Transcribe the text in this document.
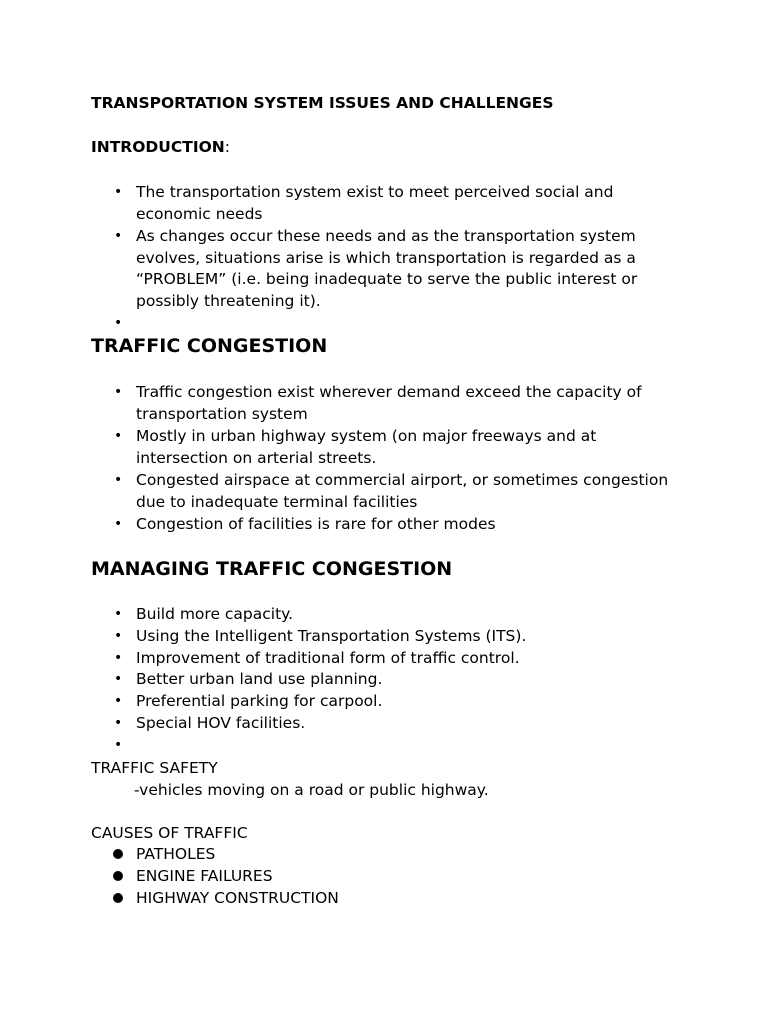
TRANSPORTATION SYSTEM ISSUES AND CHALLENGES
INTRODUCTION:
• The transportation system exist to meet perceived social and
economic needs
• As changes occur these needs and as the transportation system
evolves, situations arise is which transportation is regarded as a
“PROBLEM” (i.e. being inadequate to serve the public interest or
possibly threatening it).
•
TRAFFIC CONGESTION
• Traffic congestion exist wherever demand exceed the capacity of
transportation system
• Mostly in urban highway system (on major freeways and at
intersection on arterial streets.
• Congested airspace at commercial airport, or sometimes congestion
due to inadequate terminal facilities
• Congestion of facilities is rare for other modes
MANAGING TRAFFIC CONGESTION
• Build more capacity.
• Using the Intelligent Transportation Systems (ITS).
• Improvement of traditional form of traffic control.
• Better urban land use planning.
• Preferential parking for carpool.
• Special HOV facilities.
•
TRAFFIC SAFETY
-vehicles moving on a road or public highway.
CAUSES OF TRAFFIC
PATHOLES
ENGINE FAILURES
HIGHWAY CONSTRUCTION
